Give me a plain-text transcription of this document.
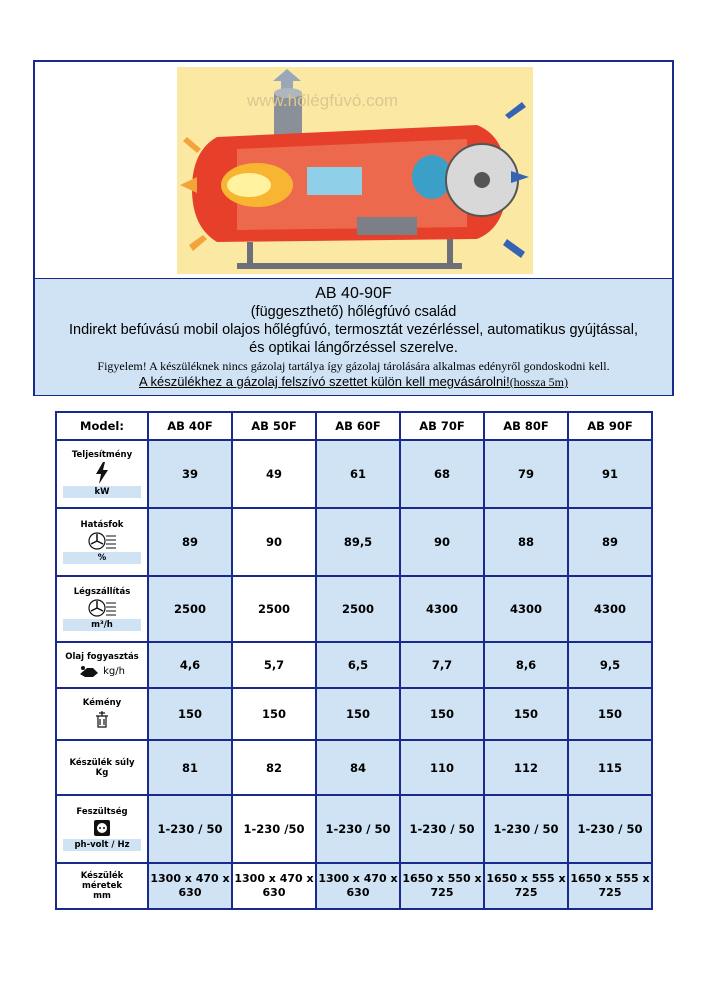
www.hőlégfúvó.com
AB 40-90F
(függeszthető) hőlégfúvó család
Indirekt befúvású mobil olajos hőlégfúvó, termosztát vezérléssel, automatikus gyújtással,
és optikai lángőrzéssel szerelve.
Figyelem! A készüléknek nincs gázolaj tartálya így gázolaj tárolására alkalmas edényről gondoskodni kell.
A készülékhez a gázolaj felszívó szettet külön kell megvásárolni!(hossza 5m)
Model:	AB 40F	AB 50F	AB 60F	AB 70F	AB 80F	AB 90F

Teljesítmény
kW	39	49	61	68	79	91

Hatásfok
%	89	90	89,5	90	88	89

Légszállítás
m³/h	2500	2500	2500	4300	4300	4300

Olaj fogyasztás
kg/h	4,6	5,7	6,5	7,7	8,6	9,5

Kémény	150	150	150	150	150	150

Készülék súly
Kg	81	82	84	110	112	115

Feszültség
ph-volt / Hz	1-230 / 50	1-230 /50	1-230 / 50	1-230 / 50	1-230 / 50	1-230 / 50

Készülék méretek
mm	1300 x 470 x 630	1300 x 470 x 630	1300 x 470 x 630	1650 x 550 x 725	1650 x 555 x 725	1650 x 555 x 725
